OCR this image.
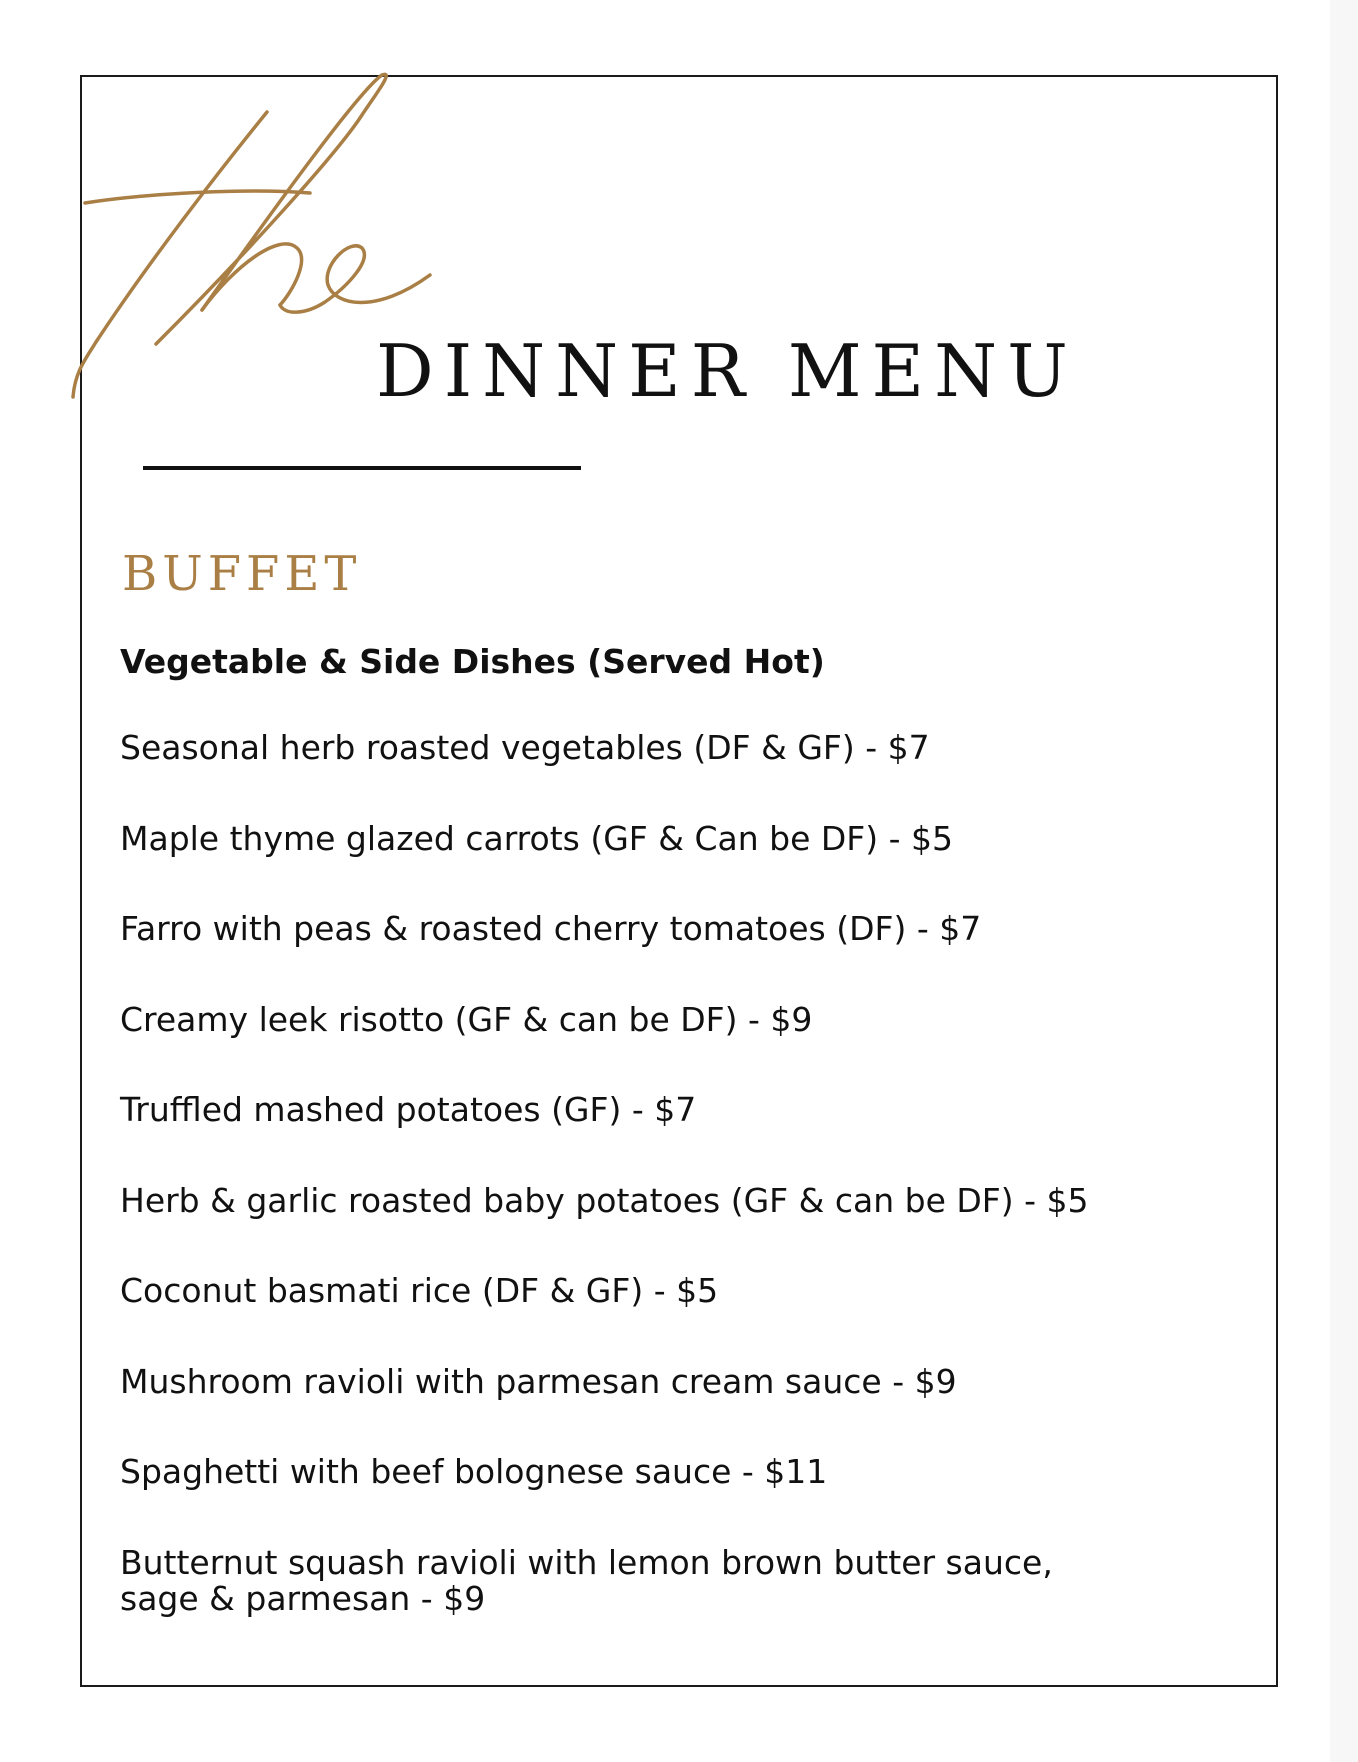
DINNER MENU
BUFFET
Vegetable & Side Dishes (Served Hot)
Seasonal herb roasted vegetables (DF & GF) - $7
Maple thyme glazed carrots (GF & Can be DF) - $5
Farro with peas & roasted cherry tomatoes (DF) - $7
Creamy leek risotto (GF & can be DF) - $9
Truffled mashed potatoes (GF) - $7
Herb & garlic roasted baby potatoes (GF & can be DF) - $5
Coconut basmati rice (DF & GF) - $5
Mushroom ravioli with parmesan cream sauce - $9
Spaghetti with beef bolognese sauce - $11
Butternut squash ravioli with lemon brown butter sauce, sage & parmesan - $9
